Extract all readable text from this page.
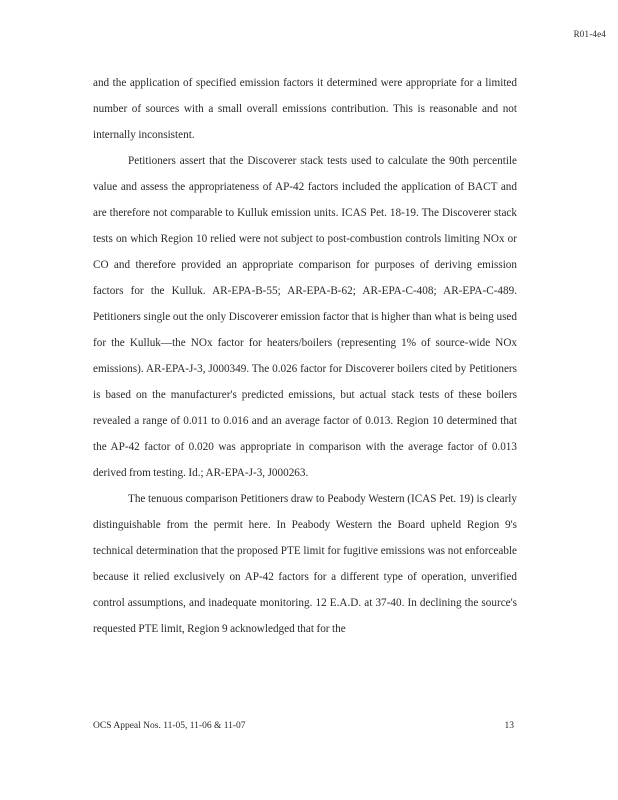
R01-4e4

and the application of specified emission factors it determined were appropriate for a limited number of sources with a small overall emissions contribution. This is reasonable and not internally inconsistent.

Petitioners assert that the Discoverer stack tests used to calculate the 90th percentile value and assess the appropriateness of AP-42 factors included the application of BACT and are therefore not comparable to Kulluk emission units. ICAS Pet. 18-19. The Discoverer stack tests on which Region 10 relied were not subject to post-combustion controls limiting NOx or CO and therefore provided an appropriate comparison for purposes of deriving emission factors for the Kulluk. AR-EPA-B-55; AR-EPA-B-62; AR-EPA-C-408; AR-EPA-C-489. Petitioners single out the only Discoverer emission factor that is higher than what is being used for the Kulluk—the NOx factor for heaters/boilers (representing 1% of source-wide NOx emissions). AR-EPA-J-3, J000349. The 0.026 factor for Discoverer boilers cited by Petitioners is based on the manufacturer's predicted emissions, but actual stack tests of these boilers revealed a range of 0.011 to 0.016 and an average factor of 0.013. Region 10 determined that the AP-42 factor of 0.020 was appropriate in comparison with the average factor of 0.013 derived from testing. Id.; AR-EPA-J-3, J000263.

The tenuous comparison Petitioners draw to Peabody Western (ICAS Pet. 19) is clearly distinguishable from the permit here. In Peabody Western the Board upheld Region 9's technical determination that the proposed PTE limit for fugitive emissions was not enforceable because it relied exclusively on AP-42 factors for a different type of operation, unverified control assumptions, and inadequate monitoring. 12 E.A.D. at 37-40. In declining the source's requested PTE limit, Region 9 acknowledged that for the

OCS Appeal Nos. 11-05, 11-06 & 11-07	13
